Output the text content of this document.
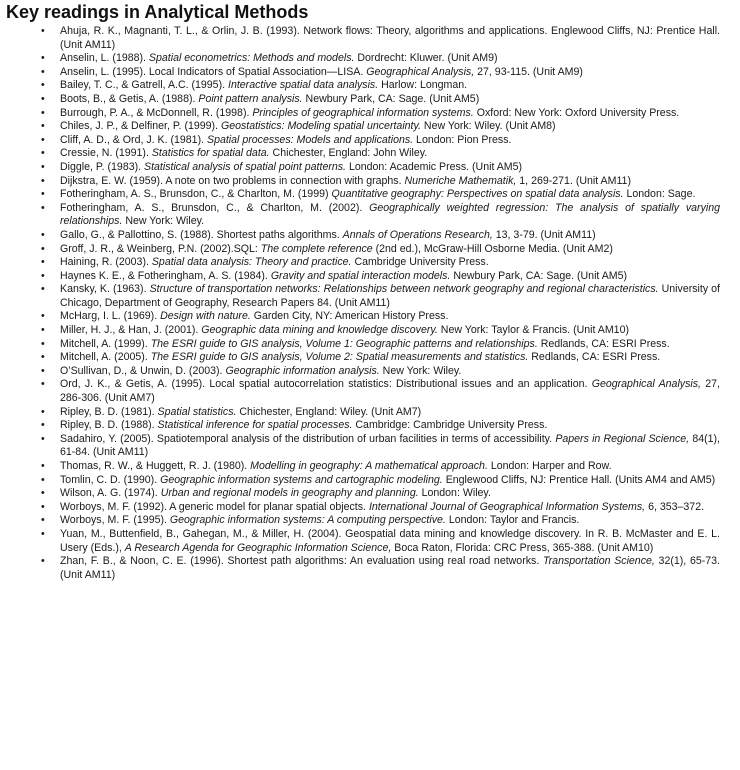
Key readings in Analytical Methods
• Ahuja, R. K., Magnanti, T. L., & Orlin, J. B. (1993). Network flows: Theory, algorithms and applications. Englewood Cliffs, NJ: Prentice Hall. (Unit AM11)
• Anselin, L. (1988). Spatial econometrics: Methods and models. Dordrecht: Kluwer. (Unit AM9)
• Anselin, L. (1995). Local Indicators of Spatial Association—LISA. Geographical Analysis, 27, 93-115. (Unit AM9)
• Bailey, T. C., & Gatrell, A.C. (1995). Interactive spatial data analysis. Harlow: Longman.
• Boots, B., & Getis, A. (1988). Point pattern analysis. Newbury Park, CA: Sage. (Unit AM5)
• Burrough, P. A., & McDonnell, R. (1998). Principles of geographical information systems. Oxford: New York: Oxford University Press.
• Chiles, J. P., & Delfiner, P. (1999). Geostatistics: Modeling spatial uncertainty. New York: Wiley. (Unit AM8)
• Cliff, A. D., & Ord, J. K. (1981). Spatial processes: Models and applications. London: Pion Press.
• Cressie, N. (1991). Statistics for spatial data. Chichester, England: John Wiley.
• Diggle, P. (1983). Statistical analysis of spatial point patterns. London: Academic Press. (Unit AM5)
• Dijkstra, E. W. (1959). A note on two problems in connection with graphs. Numeriche Mathematik, 1, 269-271. (Unit AM11)
• Fotheringham, A. S., Brunsdon, C., & Charlton, M. (1999) Quantitative geography: Perspectives on spatial data analysis. London: Sage.
• Fotheringham, A. S., Brunsdon, C., & Charlton, M. (2002). Geographically weighted regression: The analysis of spatially varying relationships. New York: Wiley.
• Gallo, G., & Pallottino, S. (1988). Shortest paths algorithms. Annals of Operations Research, 13, 3-79. (Unit AM11)
• Groff, J. R., & Weinberg, P.N. (2002).SQL: The complete reference (2nd ed.), McGraw-Hill Osborne Media. (Unit AM2)
• Haining, R. (2003). Spatial data analysis: Theory and practice. Cambridge University Press.
• Haynes K. E., & Fotheringham, A. S. (1984). Gravity and spatial interaction models. Newbury Park, CA: Sage. (Unit AM5)
• Kansky, K. (1963). Structure of transportation networks: Relationships between network geography and regional characteristics. University of Chicago, Department of Geography, Research Papers 84. (Unit AM11)
• McHarg, I. L. (1969). Design with nature. Garden City, NY: American History Press.
• Miller, H. J., & Han, J. (2001). Geographic data mining and knowledge discovery. New York: Taylor & Francis. (Unit AM10)
• Mitchell, A. (1999). The ESRI guide to GIS analysis, Volume 1: Geographic patterns and relationships. Redlands, CA: ESRI Press.
• Mitchell, A. (2005). The ESRI guide to GIS analysis, Volume 2: Spatial measurements and statistics. Redlands, CA: ESRI Press.
• O’Sullivan, D., & Unwin, D. (2003). Geographic information analysis. New York: Wiley.
• Ord, J. K., & Getis, A. (1995). Local spatial autocorrelation statistics: Distributional issues and an application. Geographical Analysis, 27, 286-306. (Unit AM7)
• Ripley, B. D. (1981). Spatial statistics. Chichester, England: Wiley. (Unit AM7)
• Ripley, B. D. (1988). Statistical inference for spatial processes. Cambridge: Cambridge University Press.
• Sadahiro, Y. (2005). Spatiotemporal analysis of the distribution of urban facilities in terms of accessibility. Papers in Regional Science, 84(1), 61-84. (Unit AM11)
• Thomas, R. W., & Huggett, R. J. (1980). Modelling in geography: A mathematical approach. London: Harper and Row.
• Tomlin, C. D. (1990). Geographic information systems and cartographic modeling. Englewood Cliffs, NJ: Prentice Hall. (Units AM4 and AM5)
• Wilson, A. G. (1974). Urban and regional models in geography and planning. London: Wiley.
• Worboys, M. F. (1992). A generic model for planar spatial objects. International Journal of Geographical Information Systems, 6, 353–372.
• Worboys, M. F. (1995). Geographic information systems: A computing perspective. London: Taylor and Francis.
• Yuan, M., Buttenfield, B., Gahegan, M., & Miller, H. (2004). Geospatial data mining and knowledge discovery. In R. B. McMaster and E. L. Usery (Eds.), A Research Agenda for Geographic Information Science, Boca Raton, Florida: CRC Press, 365-388. (Unit AM10)
• Zhan, F. B., & Noon, C. E. (1996). Shortest path algorithms: An evaluation using real road networks. Transportation Science, 32(1), 65-73. (Unit AM11)
